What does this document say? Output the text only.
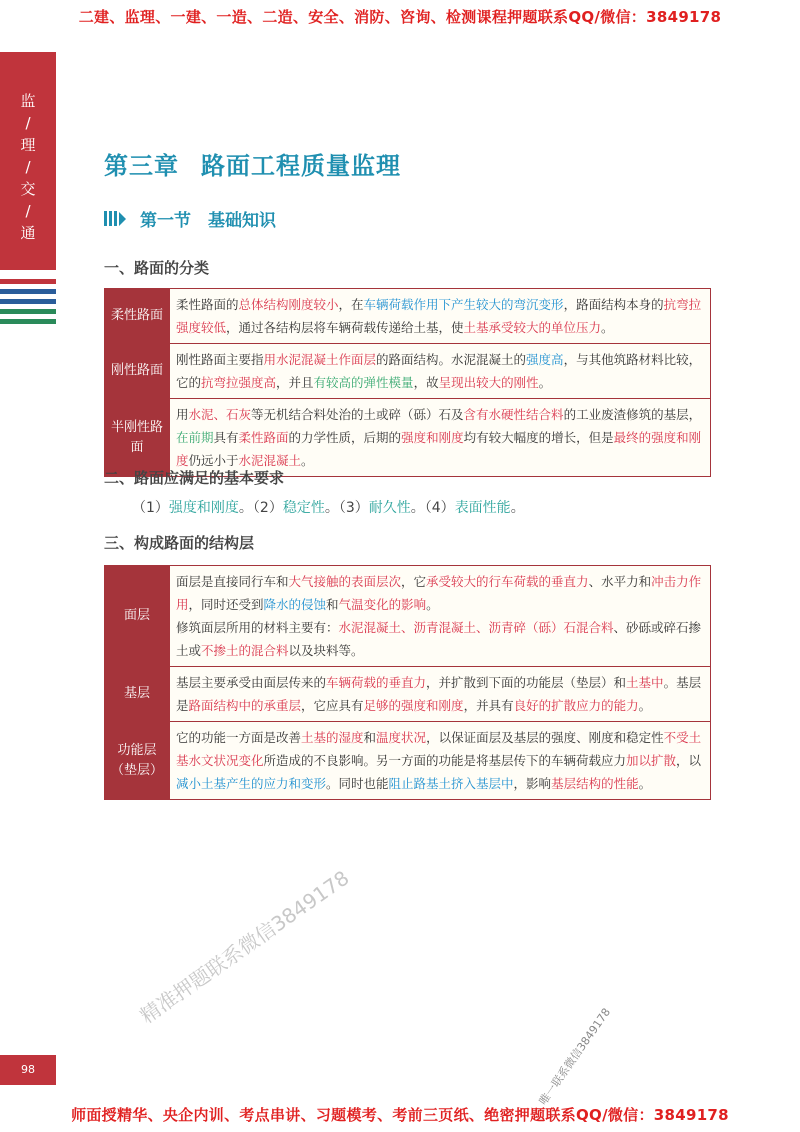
二建、监理、一建、一造、二造、安全、消防、咨询、检测课程押题联系QQ/微信：3849178
监
/
理
/
交
/
通
第三章 路面工程质量监理
第一节　基础知识
一、路面的分类
柔性路面	柔性路面的总体结构刚度较小，在车辆荷载作用下产生较大的弯沉变形，路面结构本身的抗弯拉强度较低，通过各结构层将车辆荷载传递给土基，使土基承受较大的单位压力。
刚性路面	刚性路面主要指用水泥混凝土作面层的路面结构。水泥混凝土的强度高，与其他筑路材料比较，它的抗弯拉强度高，并且有较高的弹性模量，故呈现出较大的刚性。
半刚性路面	用水泥、石灰等无机结合料处治的土或碎（砾）石及含有水硬性结合料的工业废渣修筑的基层，在前期具有柔性路面的力学性质，后期的强度和刚度均有较大幅度的增长，但是最终的强度和刚度仍远小于水泥混凝土。
二、路面应满足的基本要求
（1）强度和刚度。（2）稳定性。（3）耐久性。（4）表面性能。
三、构成路面的结构层
面层	面层是直接同行车和大气接触的表面层次，它承受较大的行车荷载的垂直力、水平力和冲击力作用，同时还受到降水的侵蚀和气温变化的影响。
修筑面层所用的材料主要有：水泥混凝土、沥青混凝土、沥青碎（砾）石混合料、砂砾或碎石掺土或不掺土的混合料以及块料等。
基层	基层主要承受由面层传来的车辆荷载的垂直力，并扩散到下面的功能层（垫层）和土基中。基层是路面结构中的承重层，它应具有足够的强度和刚度，并具有良好的扩散应力的能力。
功能层（垫层）	它的功能一方面是改善土基的湿度和温度状况，以保证面层及基层的强度、刚度和稳定性不受土基水文状况变化所造成的不良影响。另一方面的功能是将基层传下的车辆荷载应力加以扩散，以减小土基产生的应力和变形。同时也能阻止路基土挤入基层中，影响基层结构的性能。
精准押题联系微信3849178
唯一联系微信3849178
98
师面授精华、央企内训、考点串讲、习题模考、考前三页纸、绝密押题联系QQ/微信：3849178
